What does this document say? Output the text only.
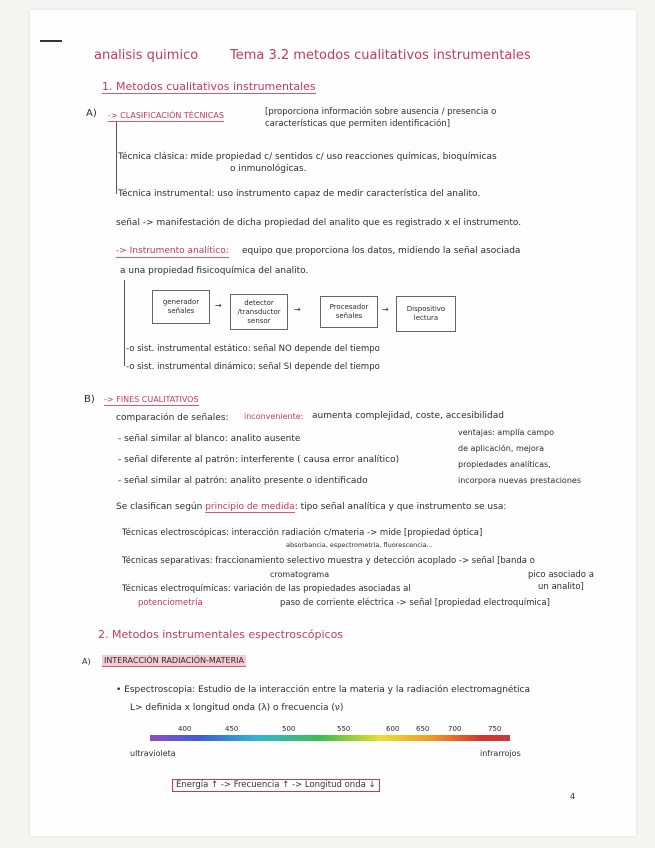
analisis quimico Tema 3.2 metodos cualitativos instrumentales
1. Metodos cualitativos instrumentales
A) -> CLASIFICACIÓN TÉCNICAS	[proporciona información sobre ausencia / presencia o
características que permiten identificación]
Técnica clásica: mide propiedad c/ sentidos c/ uso reacciones químicas, bioquímicas
o inmunológicas.
Técnica instrumental: uso instrumento capaz de medir característica del analito.
señal -> manifestación de dicha propiedad del analito que es registrado x el instrumento.
-> Instrumento analítico: equipo que proporciona los datos, midiendo la señal asociada
a una propiedad fisicoquímica del analito.
generador señales
→	detector /transductor sensor
→	Procesador señales
→	Dispositivo lectura
-o sist. instrumental estático: señal NO depende del tiempo
-o sist. instrumental dinámico: señal SI depende del tiempo
B) -> FINES CUALITATIVOS
comparación de señales: inconveniente: aumenta complejidad, coste, accesibilidad
ventajas: amplía campo
de aplicación, mejora
propiedades analíticas,
incorpora nuevas prestaciones
- señal similar al blanco: analito ausente
- señal diferente al patrón: interferente ( causa error analítico)
- señal similar al patrón: analito presente o identificado
Se clasifican según principio de medida: tipo señal analítica y que instrumento se usa:
Técnicas electroscópicas: interacción radiación c/materia -> mide [propiedad óptica]
absorbancia, espectrometría, fluorescencia...
Técnicas separativas: fraccionamiento selectivo muestra y detección acoplado -> señal [banda o
cromatograma	pico asociado a
un analito]
Técnicas electroquímicas: variación de las propiedades asociadas al
potenciometría	paso de corriente eléctrica -> señal [propiedad electroquímica]
2. Metodos instrumentales espectroscópicos
A) INTERACCIÓN RADIACIÓN-MATERIA
• Espectroscopia: Estudio de la interacción entre la materia y la radiación electromagnética
L> definida x longitud onda (λ) o frecuencia (ν)
400	450	500	550	600 650	700	750
ultravioleta	infrarrojos
Energía ↑ -> Frecuencia ↑ -> Longitud onda ↓
4
